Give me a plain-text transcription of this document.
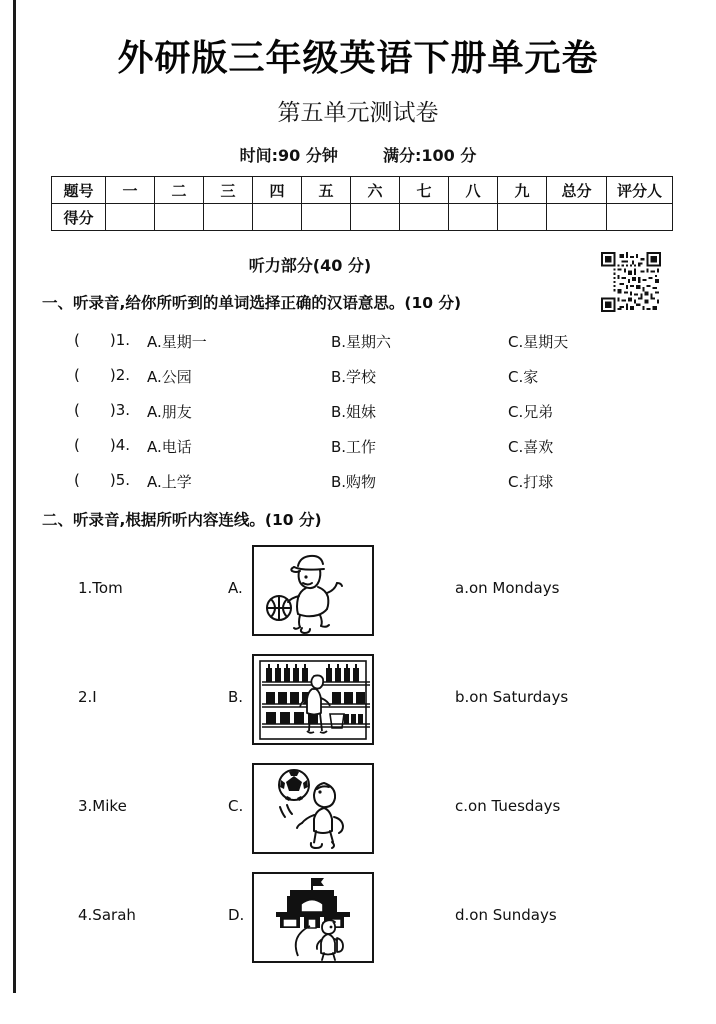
外研版三年级英语下册单元卷
第五单元测试卷
时间:90 分钟	满分:100 分
题号	一	二	三	四	五	六	七	八	九	总分	评分人
得分											
听力部分(40 分)
一、听录音,给你所听到的单词选择正确的汉语意思。(10 分)
( )1. A.星期一	B.星期六	C.星期天
( )2. A.公园	B.学校	C.家
( )3. A.朋友	B.姐妹	C.兄弟
( )4. A.电话	B.工作	C.喜欢
( )5. A.上学	B.购物	C.打球
二、听录音,根据所听内容连线。(10 分)
1.Tom	A.	a.on Mondays
2.I	B.	b.on Saturdays
3.Mike	C.	c.on Tuesdays
4.Sarah	D.	d.on Sundays
